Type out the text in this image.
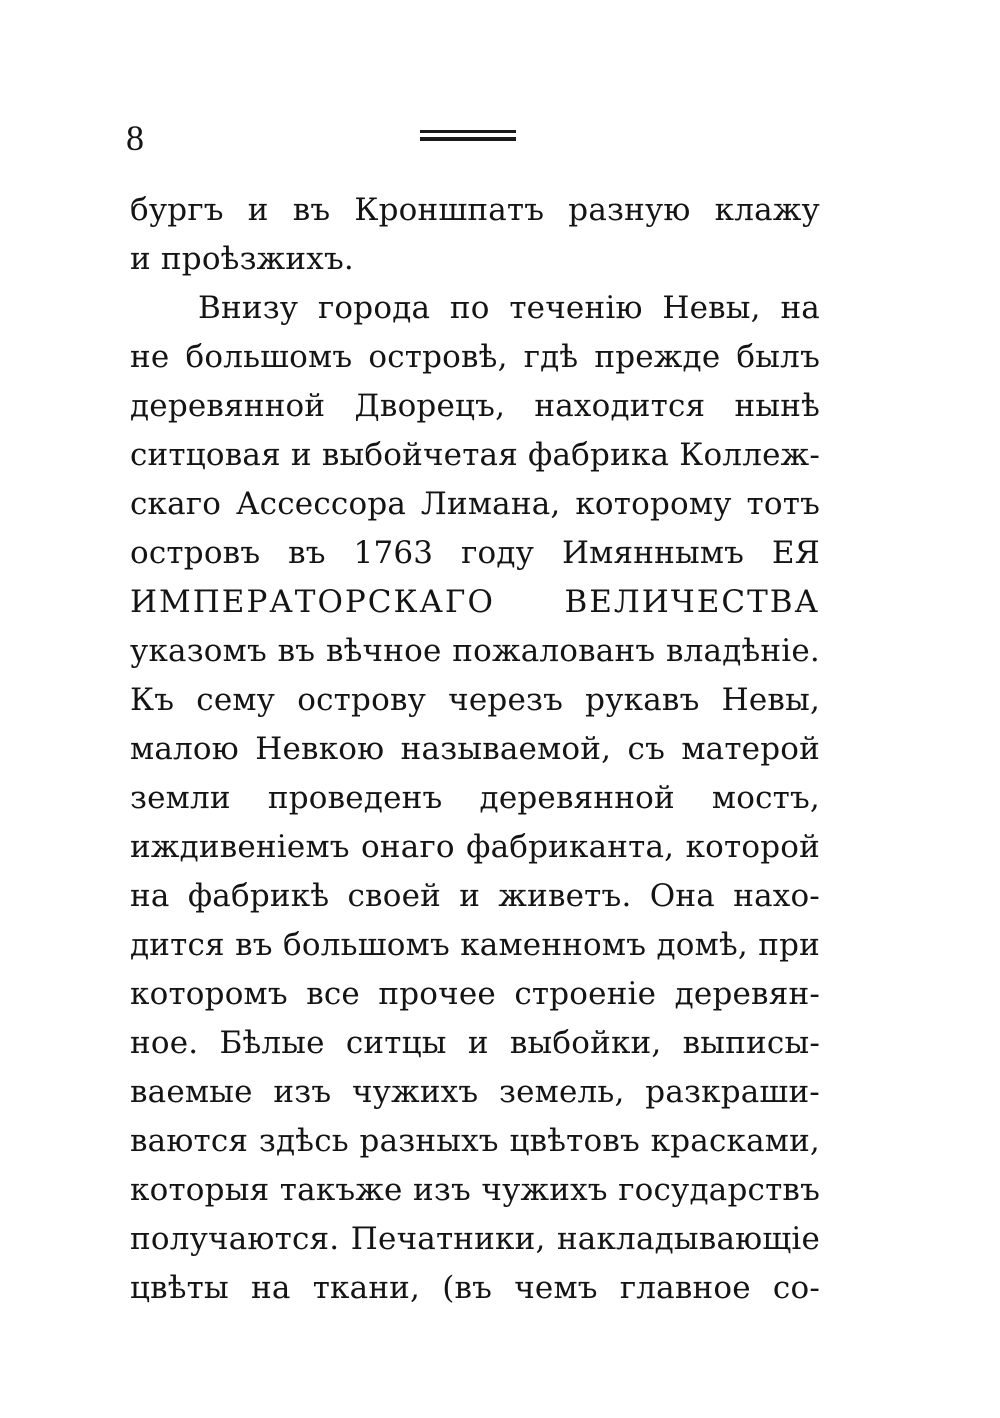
8
бургъ и въ Кроншпатъ разную клажу
и проѣзжихъ.
Внизу города по теченію Невы, на
не большомъ островѣ, гдѣ прежде былъ
деревянной Дворецъ, находится нынѣ
ситцовая и выбойчетая фабрика Коллеж-
скаго Ассессора Лимана, которому тотъ
островъ въ 1763 году Имяннымъ ЕЯ
ИМПЕРАТОРСКАГО ВЕЛИЧЕСТВА
указомъ въ вѣчное пожалованъ владѣніе.
Къ сему острову черезъ рукавъ Невы,
малою Невкою называемой, съ матерой
земли проведенъ деревянной мостъ,
иждивеніемъ онаго фабриканта, которой
на фабрикѣ своей и живетъ. Она нахо-
дится въ большомъ каменномъ домѣ, при
которомъ все прочее строеніе деревян-
ное. Бѣлые ситцы и выбойки, выписы-
ваемые изъ чужихъ земель, разкраши-
ваются здѣсь разныхъ цвѣтовъ красками,
которыя такъже изъ чужихъ государствъ
получаются. Печатники, накладывающіе
цвѣты на ткани, (въ чемъ главное со-
